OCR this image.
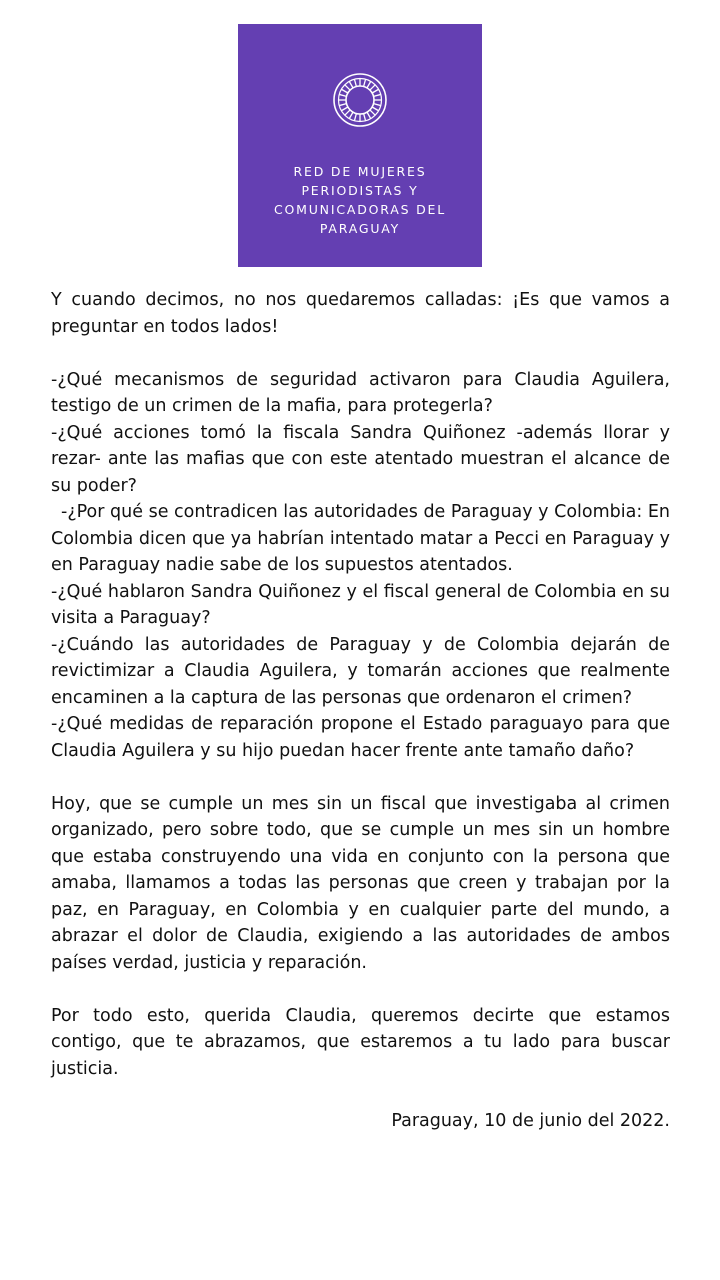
RED DE MUJERES
PERIODISTAS Y
COMUNICADORAS DEL
PARAGUAY

Y cuando decimos, no nos quedaremos calladas: ¡Es que vamos a preguntar en todos lados!

-¿Qué mecanismos de seguridad activaron para Claudia Aguilera, testigo de un crimen de la mafia, para protegerla?

-¿Qué acciones tomó la fiscala Sandra Quiñonez -además llorar y rezar- ante las mafias que con este atentado muestran el alcance de su poder?

-¿Por qué se contradicen las autoridades de Paraguay y Colombia: En Colombia dicen que ya habrían intentado matar a Pecci en Paraguay y en Paraguay nadie sabe de los supuestos atentados.

-¿Qué hablaron Sandra Quiñonez y el fiscal general de Colombia en su visita a Paraguay?

-¿Cuándo las autoridades de Paraguay y de Colombia dejarán de revictimizar a Claudia Aguilera, y tomarán acciones que realmente encaminen a la captura de las personas que ordenaron el crimen?

-¿Qué medidas de reparación propone el Estado paraguayo para que Claudia Aguilera y su hijo puedan hacer frente ante tamaño daño?

Hoy, que se cumple un mes sin un fiscal que investigaba al crimen organizado, pero sobre todo, que se cumple un mes sin un hombre que estaba construyendo una vida en conjunto con la persona que amaba, llamamos a todas las personas que creen y trabajan por la paz, en Paraguay, en Colombia y en cualquier parte del mundo, a abrazar el dolor de Claudia, exigiendo a las autoridades de ambos países verdad, justicia y reparación.

Por todo esto, querida Claudia, queremos decirte que estamos contigo, que te abrazamos, que estaremos a tu lado para buscar justicia.

Paraguay, 10 de junio del 2022.
